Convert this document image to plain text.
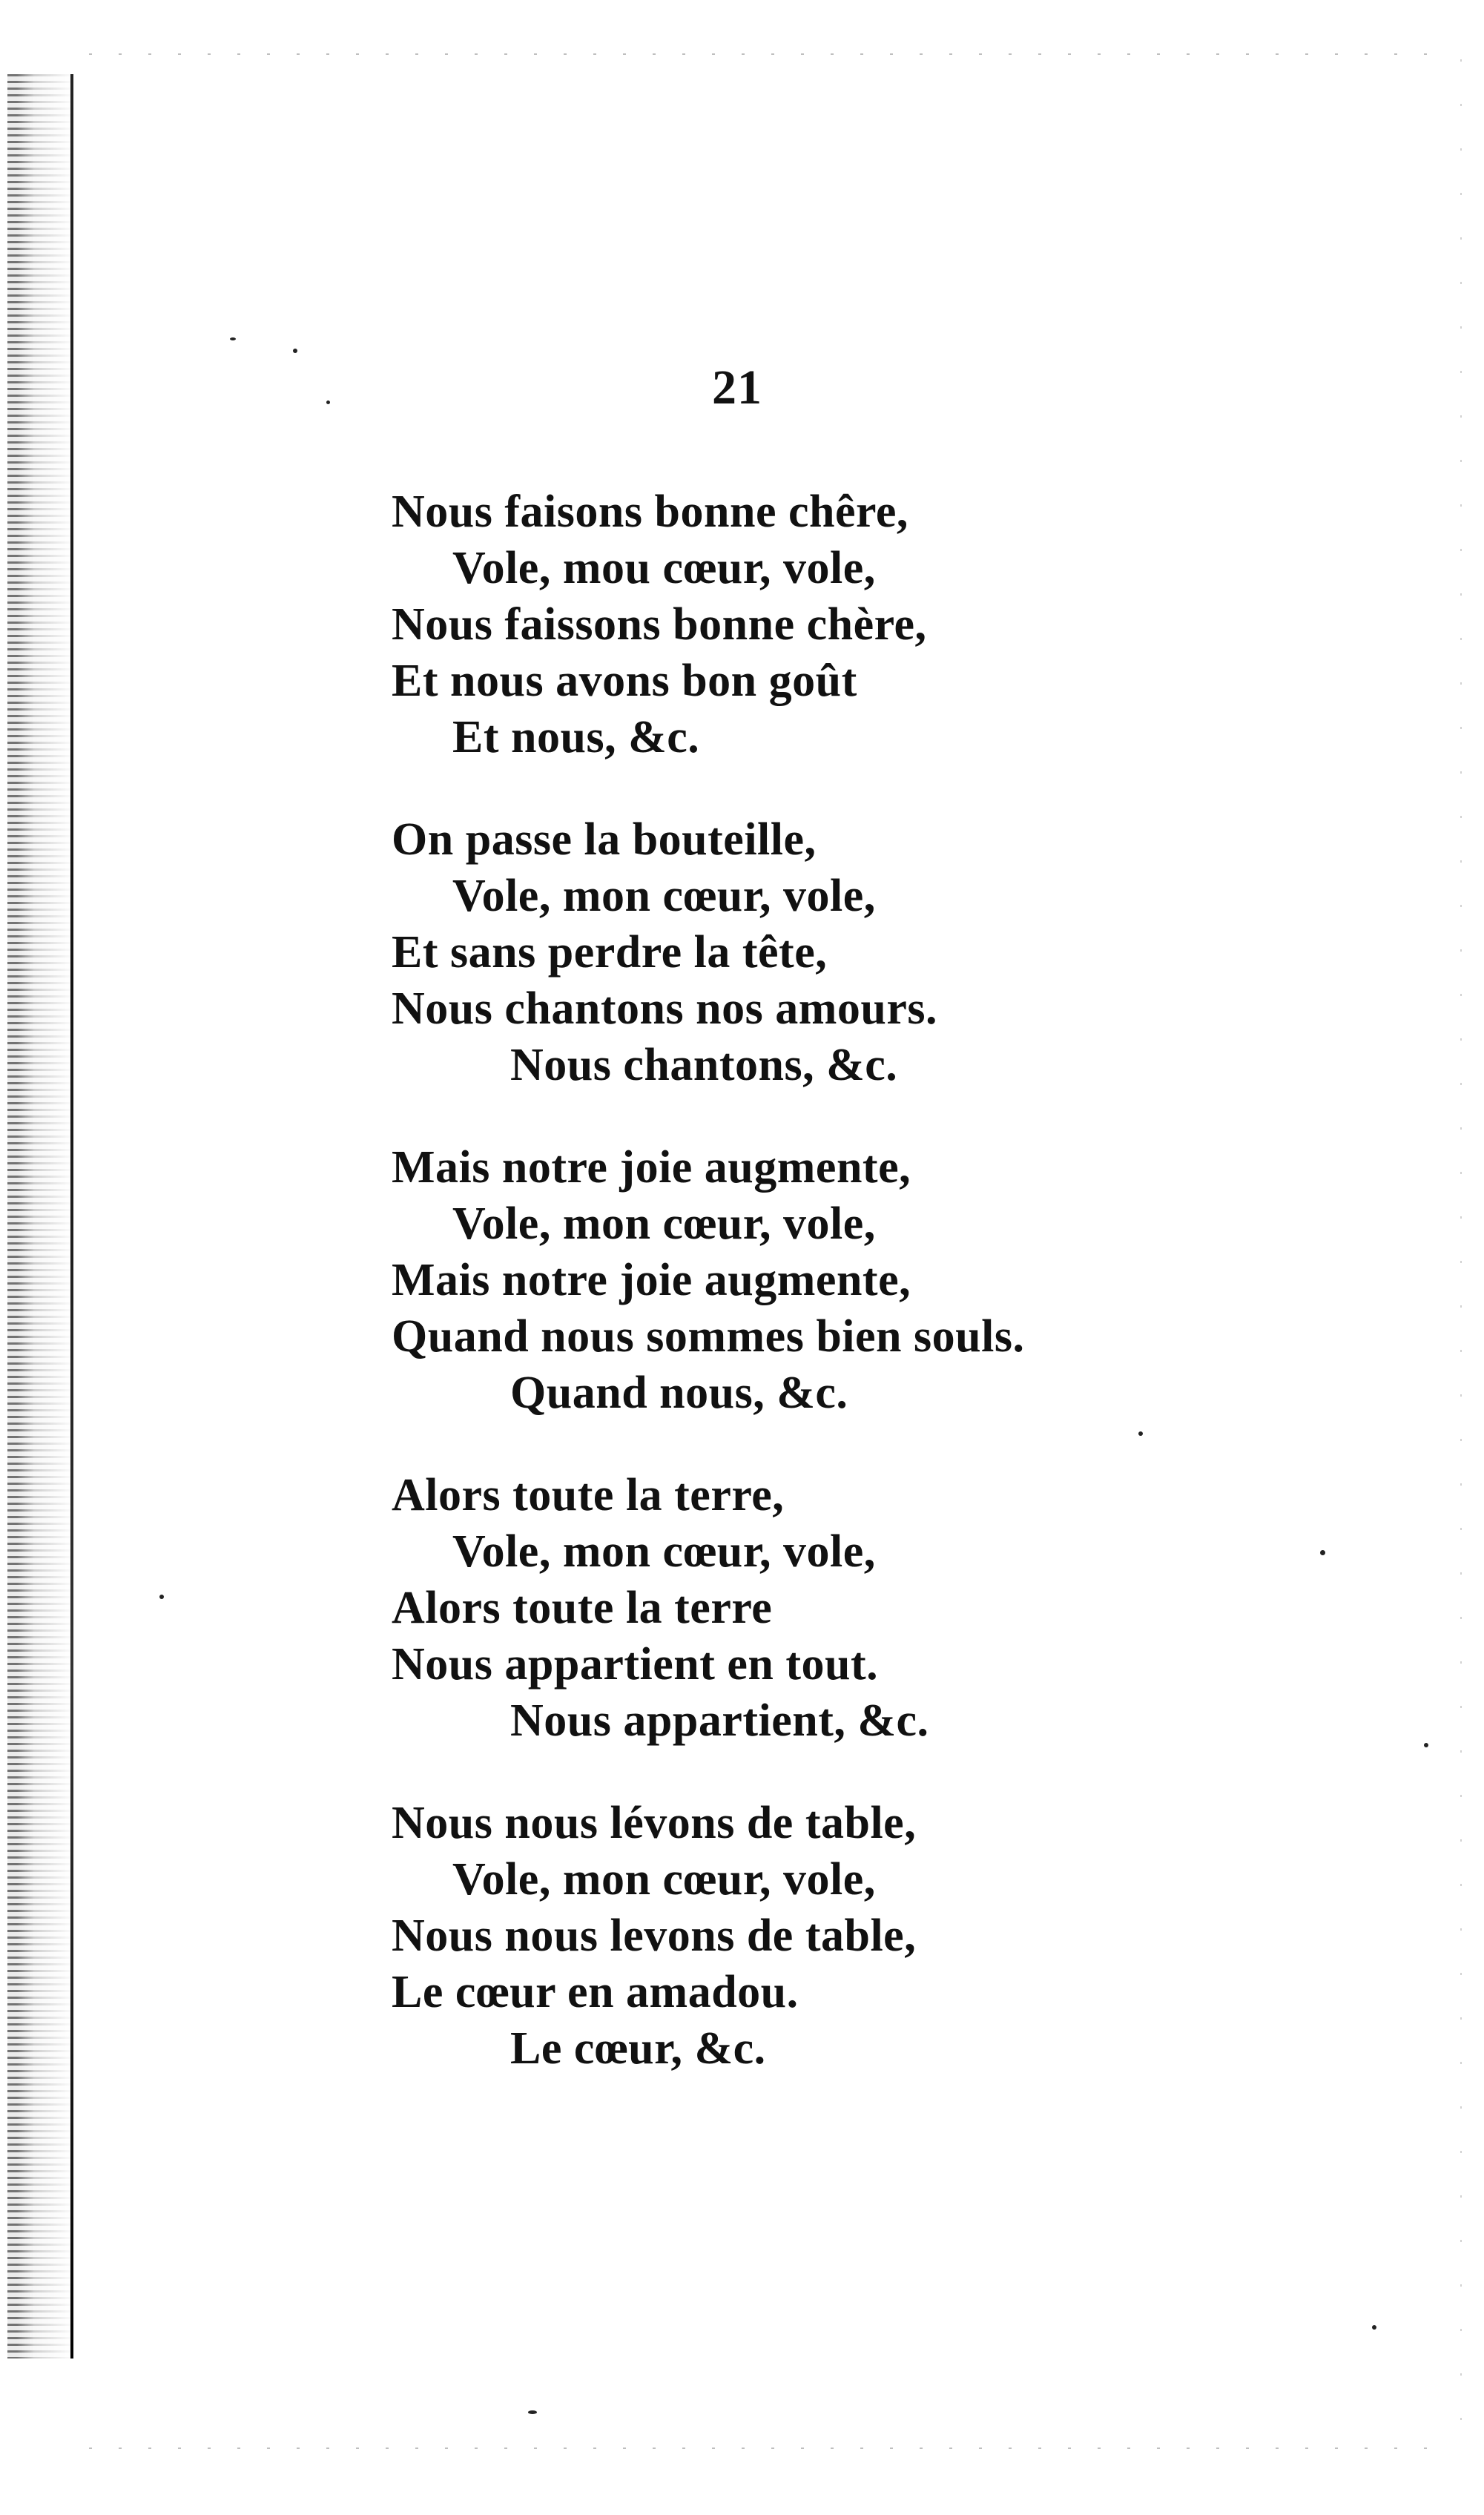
21
Nous faisons bonne chêre,
Vole, mou cœur, vole,
Nous faissons bonne chère,
Et nous avons bon goût
Et nous, &c.
On passe la bouteille,
Vole, mon cœur, vole,
Et sans perdre la tête,
Nous chantons nos amours.
Nous chantons, &c.
Mais notre joie augmente,
Vole, mon cœur, vole,
Mais notre joie augmente,
Quand nous sommes bien souls.
Quand nous, &c.
Alors toute la terre,
Vole, mon cœur, vole,
Alors toute la terre
Nous appartient en tout.
Nous appartient, &c.
Nous nous lévons de table,
Vole, mon cœur, vole,
Nous nous levons de table,
Le cœur en amadou.
Le cœur, &c.
